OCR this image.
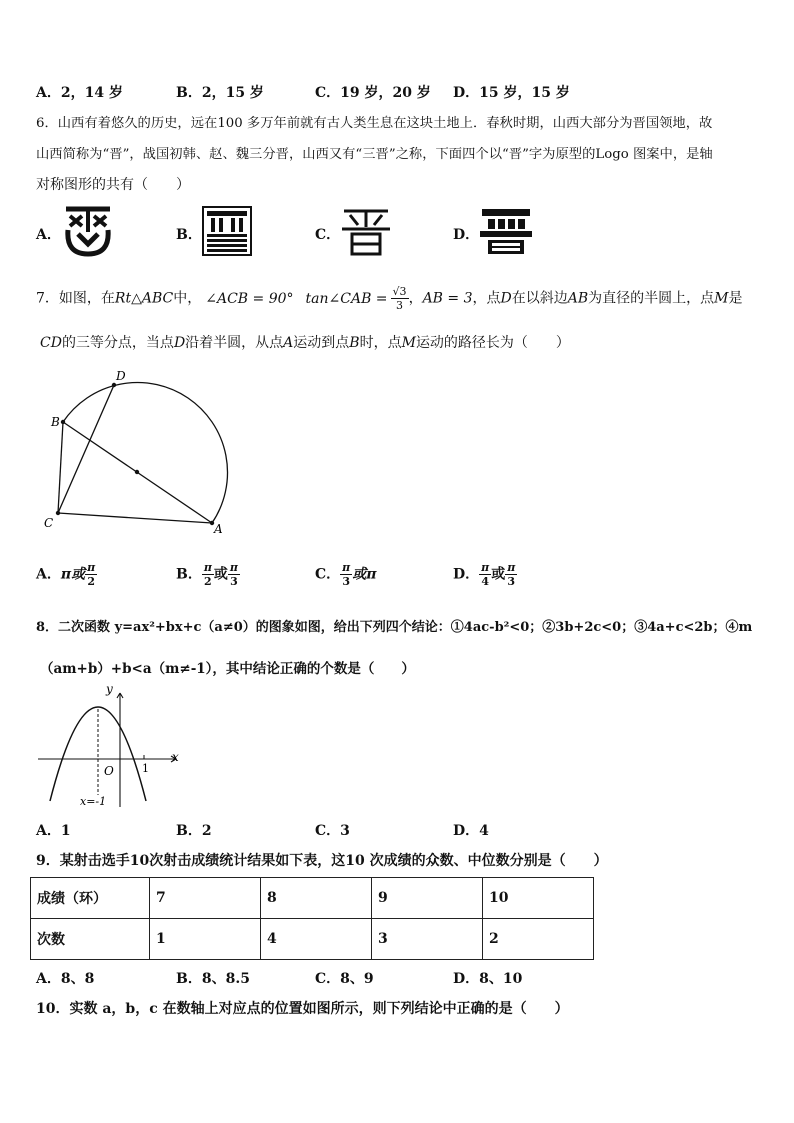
A．2，14 岁	B．2，15 岁	C．19 岁，20 岁 D．15 岁，15 岁
6．山西有着悠久的历史，远在100 多万年前就有古人类生息在这块土地上．春秋时期，山西大部分为晋国领地，故
山西简称为“晋”，战国初韩、赵、魏三分晋，山西又有“三晋”之称，下面四个以“晋”字为原型的Logo 图案中，是轴
对称图形的共有（　　）
A．	B．	C．	D．
7．如图，在Rt△ABC中， ∠ACB = 90° tan∠CAB = $\frac{√3}{3}$ ，AB = 3，点D在以斜边AB为直径的半圆上，点M是
CD的三等分点，当点D沿着半圆，从点A运动到点B时，点M运动的路径长为（　　）
D
B
C	A
A．π或 $\frac{\pi}{2}$	B． $\frac{\pi}{2}$ 或 $\frac{\pi}{3}$	C． $\frac{\pi}{3}$ 或π	D． $\frac{\pi}{4}$ 或 $\frac{\pi}{3}$
8．二次函数 y=ax²+bx+c（a≠0）的图象如图，给出下列四个结论：①4ac-b²<0；②3b+2c<0；③4a+c<2b；④m
（am+b）+b<a（m≠-1），其中结论正确的个数是（　　）
y
x
O	1
x=-1
A．1	B．2	C．3	D．4
9．某射击选手10次射击成绩统计结果如下表，这10 次成绩的众数、中位数分别是（　　）
成绩（环）	7	8	9	10
次数	1	4	3	2
A．8、8	B．8、8.5	C．8、9	D．8、10
10．实数 a，b，c 在数轴上对应点的位置如图所示，则下列结论中正确的是（　　）
